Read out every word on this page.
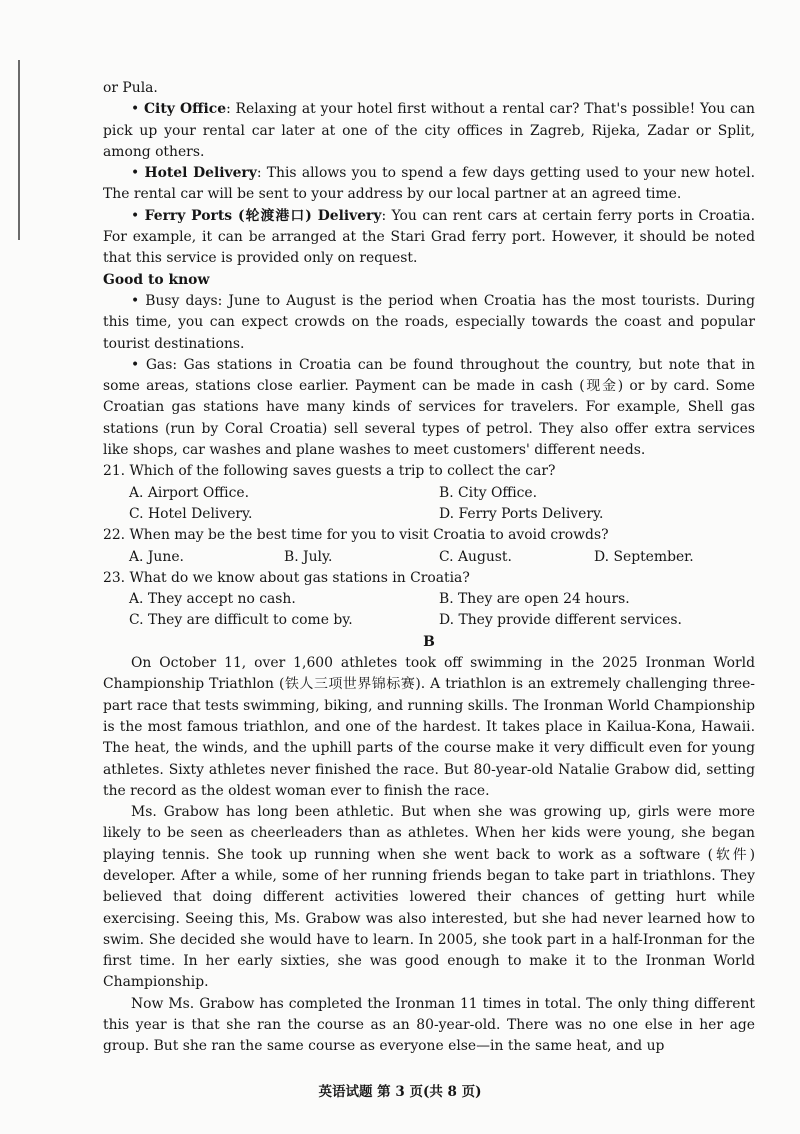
or Pula.

• City Office: Relaxing at your hotel first without a rental car? That's possible! You can pick up your rental car later at one of the city offices in Zagreb, Rijeka, Zadar or Split, among others.

• Hotel Delivery: This allows you to spend a few days getting used to your new hotel. The rental car will be sent to your address by our local partner at an agreed time.

• Ferry Ports (轮渡港口) Delivery: You can rent cars at certain ferry ports in Croatia. For example, it can be arranged at the Stari Grad ferry port. However, it should be noted that this service is provided only on request.

Good to know

• Busy days: June to August is the period when Croatia has the most tourists. During this time, you can expect crowds on the roads, especially towards the coast and popular tourist destinations.

• Gas: Gas stations in Croatia can be found throughout the country, but note that in some areas, stations close earlier. Payment can be made in cash (现金) or by card. Some Croatian gas stations have many kinds of services for travelers. For example, Shell gas stations (run by Coral Croatia) sell several types of petrol. They also offer extra services like shops, car washes and plane washes to meet customers' different needs.

21. Which of the following saves guests a trip to collect the car?

A. Airport Office.	B. City Office.
C. Hotel Delivery.	D. Ferry Ports Delivery.

22. When may be the best time for you to visit Croatia to avoid crowds?

A. June.	B. July.	C. August.	D. September.

23. What do we know about gas stations in Croatia?

A. They accept no cash.	B. They are open 24 hours.
C. They are difficult to come by.	D. They provide different services.

B

On October 11, over 1,600 athletes took off swimming in the 2025 Ironman World Championship Triathlon (铁人三项世界锦标赛). A triathlon is an extremely challenging three-part race that tests swimming, biking, and running skills. The Ironman World Championship is the most famous triathlon, and one of the hardest. It takes place in Kailua-Kona, Hawaii. The heat, the winds, and the uphill parts of the course make it very difficult even for young athletes. Sixty athletes never finished the race. But 80-year-old Natalie Grabow did, setting the record as the oldest woman ever to finish the race.

Ms. Grabow has long been athletic. But when she was growing up, girls were more likely to be seen as cheerleaders than as athletes. When her kids were young, she began playing tennis. She took up running when she went back to work as a software (软件) developer. After a while, some of her running friends began to take part in triathlons. They believed that doing different activities lowered their chances of getting hurt while exercising. Seeing this, Ms. Grabow was also interested, but she had never learned how to swim. She decided she would have to learn. In 2005, she took part in a half-Ironman for the first time. In her early sixties, she was good enough to make it to the Ironman World Championship.

Now Ms. Grabow has completed the Ironman 11 times in total. The only thing different this year is that she ran the course as an 80-year-old. There was no one else in her age group. But she ran the same course as everyone else—in the same heat, and up

英语试题 第 3 页(共 8 页)
